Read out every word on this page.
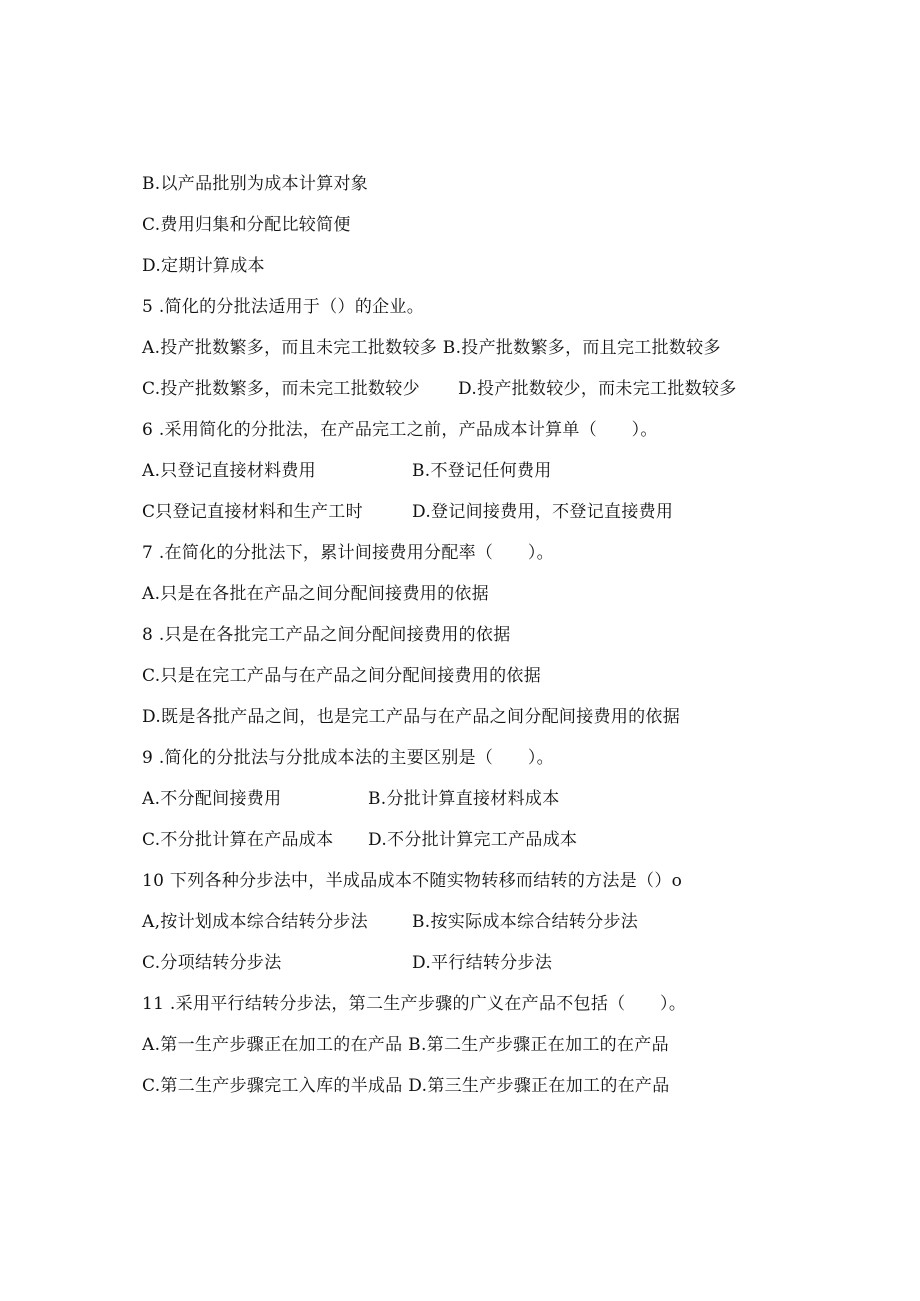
B.以产品批别为成本计算对象
C.费用归集和分配比较简便
D.定期计算成本
5 .简化的分批法适用于（）的企业。
A.投产批数繁多，而且未完工批数较多 B.投产批数繁多，而且完工批数较多
C.投产批数繁多，而未完工批数较少 D.投产批数较少，而未完工批数较多
6 .采用简化的分批法，在产品完工之前，产品成本计算单（　　）。
A.只登记直接材料费用	B.不登记任何费用
C只登记直接材料和生产工时	D.登记间接费用，不登记直接费用
7 .在简化的分批法下，累计间接费用分配率（　　）。
A.只是在各批在产品之间分配间接费用的依据
8 .只是在各批完工产品之间分配间接费用的依据
C.只是在完工产品与在产品之间分配间接费用的依据
D.既是各批产品之间，也是完工产品与在产品之间分配间接费用的依据
9 .简化的分批法与分批成本法的主要区别是（　　）。
A.不分配间接费用	B.分批计算直接材料成本
C.不分批计算在产品成本 D.不分批计算完工产品成本
10 下列各种分步法中，半成品成本不随实物转移而结转的方法是（）o
A,按计划成本综合结转分步法	B.按实际成本综合结转分步法
C.分项结转分步法	D.平行结转分步法
11 .采用平行结转分步法，第二生产步骤的广义在产品不包括（　　）。
A.第一生产步骤正在加工的在产品 B.第二生产步骤正在加工的在产品
C.第二生产步骤完工入库的半成品 D.第三生产步骤正在加工的在产品
